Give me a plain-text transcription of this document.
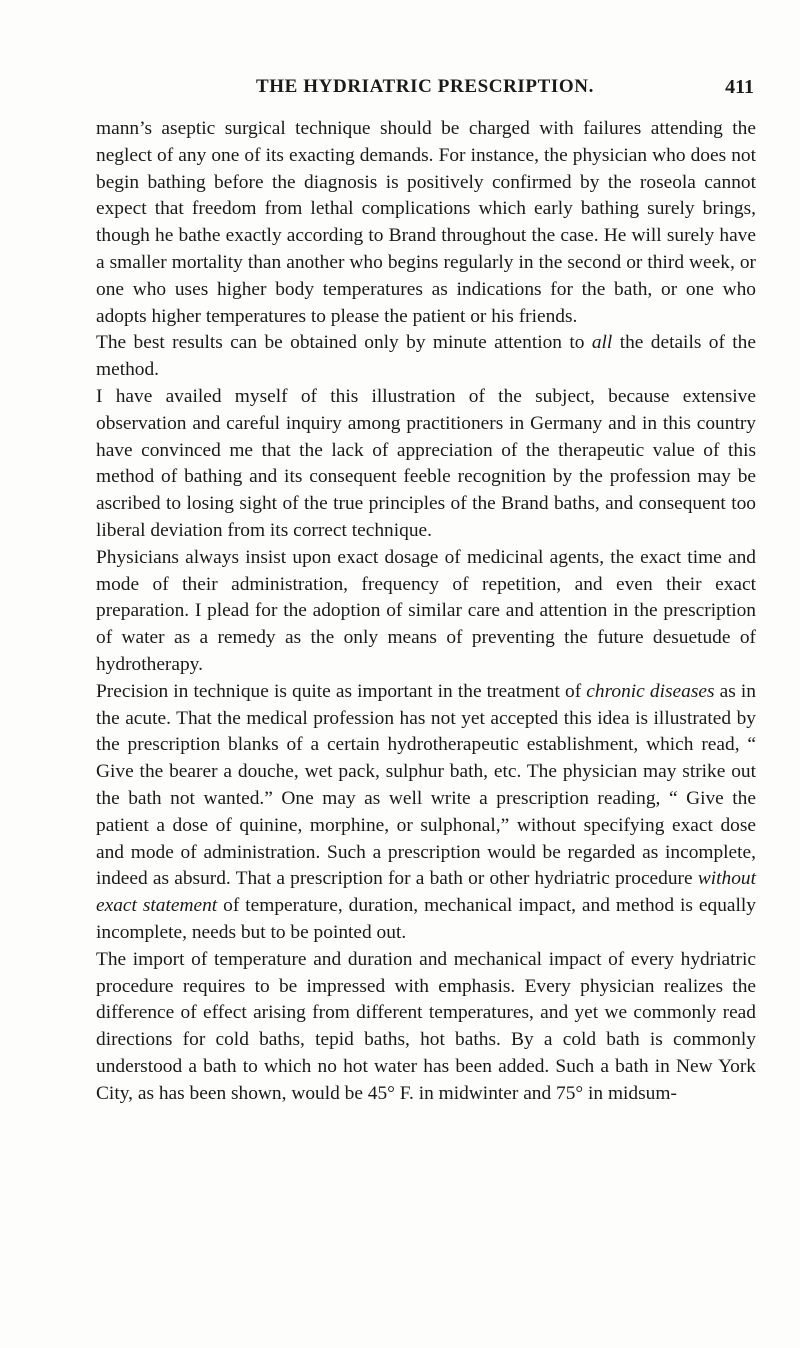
THE HYDRIATRIC PRESCRIPTION.	411

mann’s aseptic surgical technique should be charged with failures attending the neglect of any one of its exacting demands. For instance, the physician who does not begin bathing before the diagnosis is positively confirmed by the roseola cannot expect that freedom from lethal complications which early bathing surely brings, though he bathe exactly according to Brand throughout the case. He will surely have a smaller mortality than another who begins regularly in the second or third week, or one who uses higher body temperatures as indications for the bath, or one who adopts higher temperatures to please the patient or his friends.

The best results can be obtained only by minute attention to all the details of the method.

I have availed myself of this illustration of the subject, because extensive observation and careful inquiry among practitioners in Germany and in this country have convinced me that the lack of appreciation of the therapeutic value of this method of bathing and its consequent feeble recognition by the profession may be ascribed to losing sight of the true principles of the Brand baths, and consequent too liberal deviation from its correct technique.

Physicians always insist upon exact dosage of medicinal agents, the exact time and mode of their administration, frequency of repetition, and even their exact preparation. I plead for the adoption of similar care and attention in the prescription of water as a remedy as the only means of preventing the future desuetude of hydrotherapy.

Precision in technique is quite as important in the treatment of chronic diseases as in the acute. That the medical profession has not yet accepted this idea is illustrated by the prescription blanks of a certain hydrotherapeutic establishment, which read, “ Give the bearer a douche, wet pack, sulphur bath, etc. The physician may strike out the bath not wanted.” One may as well write a prescription reading, “ Give the patient a dose of quinine, morphine, or sulphonal,” without specifying exact dose and mode of administration. Such a prescription would be regarded as incomplete, indeed as absurd. That a prescription for a bath or other hydriatric procedure without exact statement of temperature, duration, mechanical impact, and method is equally incomplete, needs but to be pointed out.

The import of temperature and duration and mechanical impact of every hydriatric procedure requires to be impressed with emphasis. Every physician realizes the difference of effect arising from different temperatures, and yet we commonly read directions for cold baths, tepid baths, hot baths. By a cold bath is commonly understood a bath to which no hot water has been added. Such a bath in New York City, as has been shown, would be 45° F. in midwinter and 75° in midsum-
